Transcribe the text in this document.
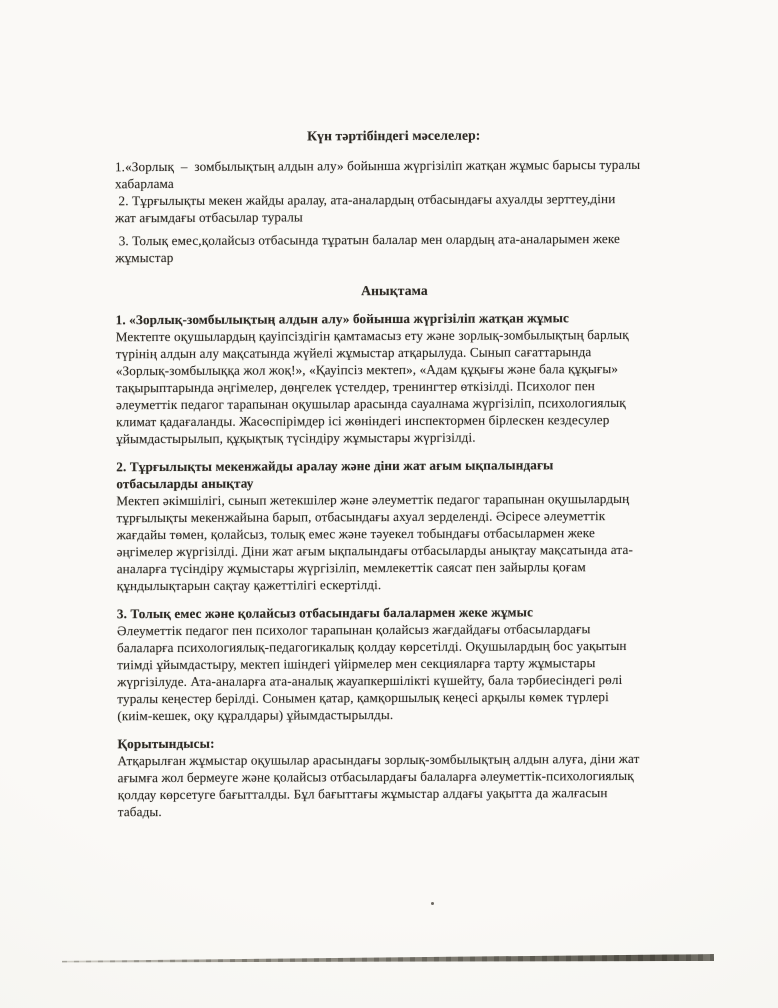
Күн тәртібіндегі мәселелер:

1.«Зорлық  –  зомбылықтың алдын алу» бойынша жүргізіліп жатқан жұмыс барысы туралы
хабарлама

2. Тұрғылықты мекен жайды аралау, ата-аналардың отбасындағы ахуалды зерттеу,діни
жат ағымдағы отбасылар туралы

3. Толық емес,қолайсыз отбасында тұратын балалар мен олардың ата-аналарымен жеке
жұмыстар

Анықтама
1. «Зорлық-зомбылықтың алдын алу» бойынша жүргізіліп жатқан жұмыс

Мектепте оқушылардың қауіпсіздігін қамтамасыз ету және зорлық-зомбылықтың барлық
түрінің алдын алу мақсатында жүйелі жұмыстар атқарылуда. Сынып сағаттарында
«Зорлық-зомбылыққа жол жоқ!», «Қауіпсіз мектеп», «Адам құқығы және бала құқығы»
тақырыптарында әңгімелер, дөңгелек үстелдер, тренингтер өткізілді. Психолог пен
әлеуметтік педагог тарапынан оқушылар арасында сауалнама жүргізіліп, психологиялық
климат қадағаланды. Жасөспірімдер ісі жөніндегі инспектормен бірлескен кездесулер
ұйымдастырылып, құқықтық түсіндіру жұмыстары жүргізілді.

2. Тұрғылықты мекенжайды аралау және діни жат ағым ықпалындағы
отбасыларды анықтау

Мектеп әкімшілігі, сынып жетекшілер және әлеуметтік педагог тарапынан оқушылардың
тұрғылықты мекенжайына барып, отбасындағы ахуал зерделенді. Әсіресе әлеуметтік
жағдайы төмен, қолайсыз, толық емес және тәуекел тобындағы отбасылармен жеке
әңгімелер жүргізілді. Діни жат ағым ықпалындағы отбасыларды анықтау мақсатында ата-
аналарға түсіндіру жұмыстары жүргізіліп, мемлекеттік саясат пен зайырлы қоғам
құндылықтарын сақтау қажеттілігі ескертілді.

3. Толық емес және қолайсыз отбасындағы балалармен жеке жұмыс

Әлеуметтік педагог пен психолог тарапынан қолайсыз жағдайдағы отбасылардағы
балаларға психологиялық-педагогикалық қолдау көрсетілді. Оқушылардың бос уақытын
тиімді ұйымдастыру, мектеп ішіндегі үйірмелер мен секцияларға тарту жұмыстары
жүргізілуде. Ата-аналарға ата-аналық жауапкершілікті күшейту, бала тәрбиесіндегі рөлі
туралы кеңестер берілді. Сонымен қатар, қамқоршылық кеңесі арқылы көмек түрлері
(киім-кешек, оқу құралдары) ұйымдастырылды.

Қорытындысы:

Атқарылған жұмыстар оқушылар арасындағы зорлық-зомбылықтың алдын алуға, діни жат
ағымға жол бермеуге және қолайсыз отбасылардағы балаларға әлеуметтік-психологиялық
қолдау көрсетуге бағытталды. Бұл бағыттағы жұмыстар алдағы уақытта да жалғасын
табады.
